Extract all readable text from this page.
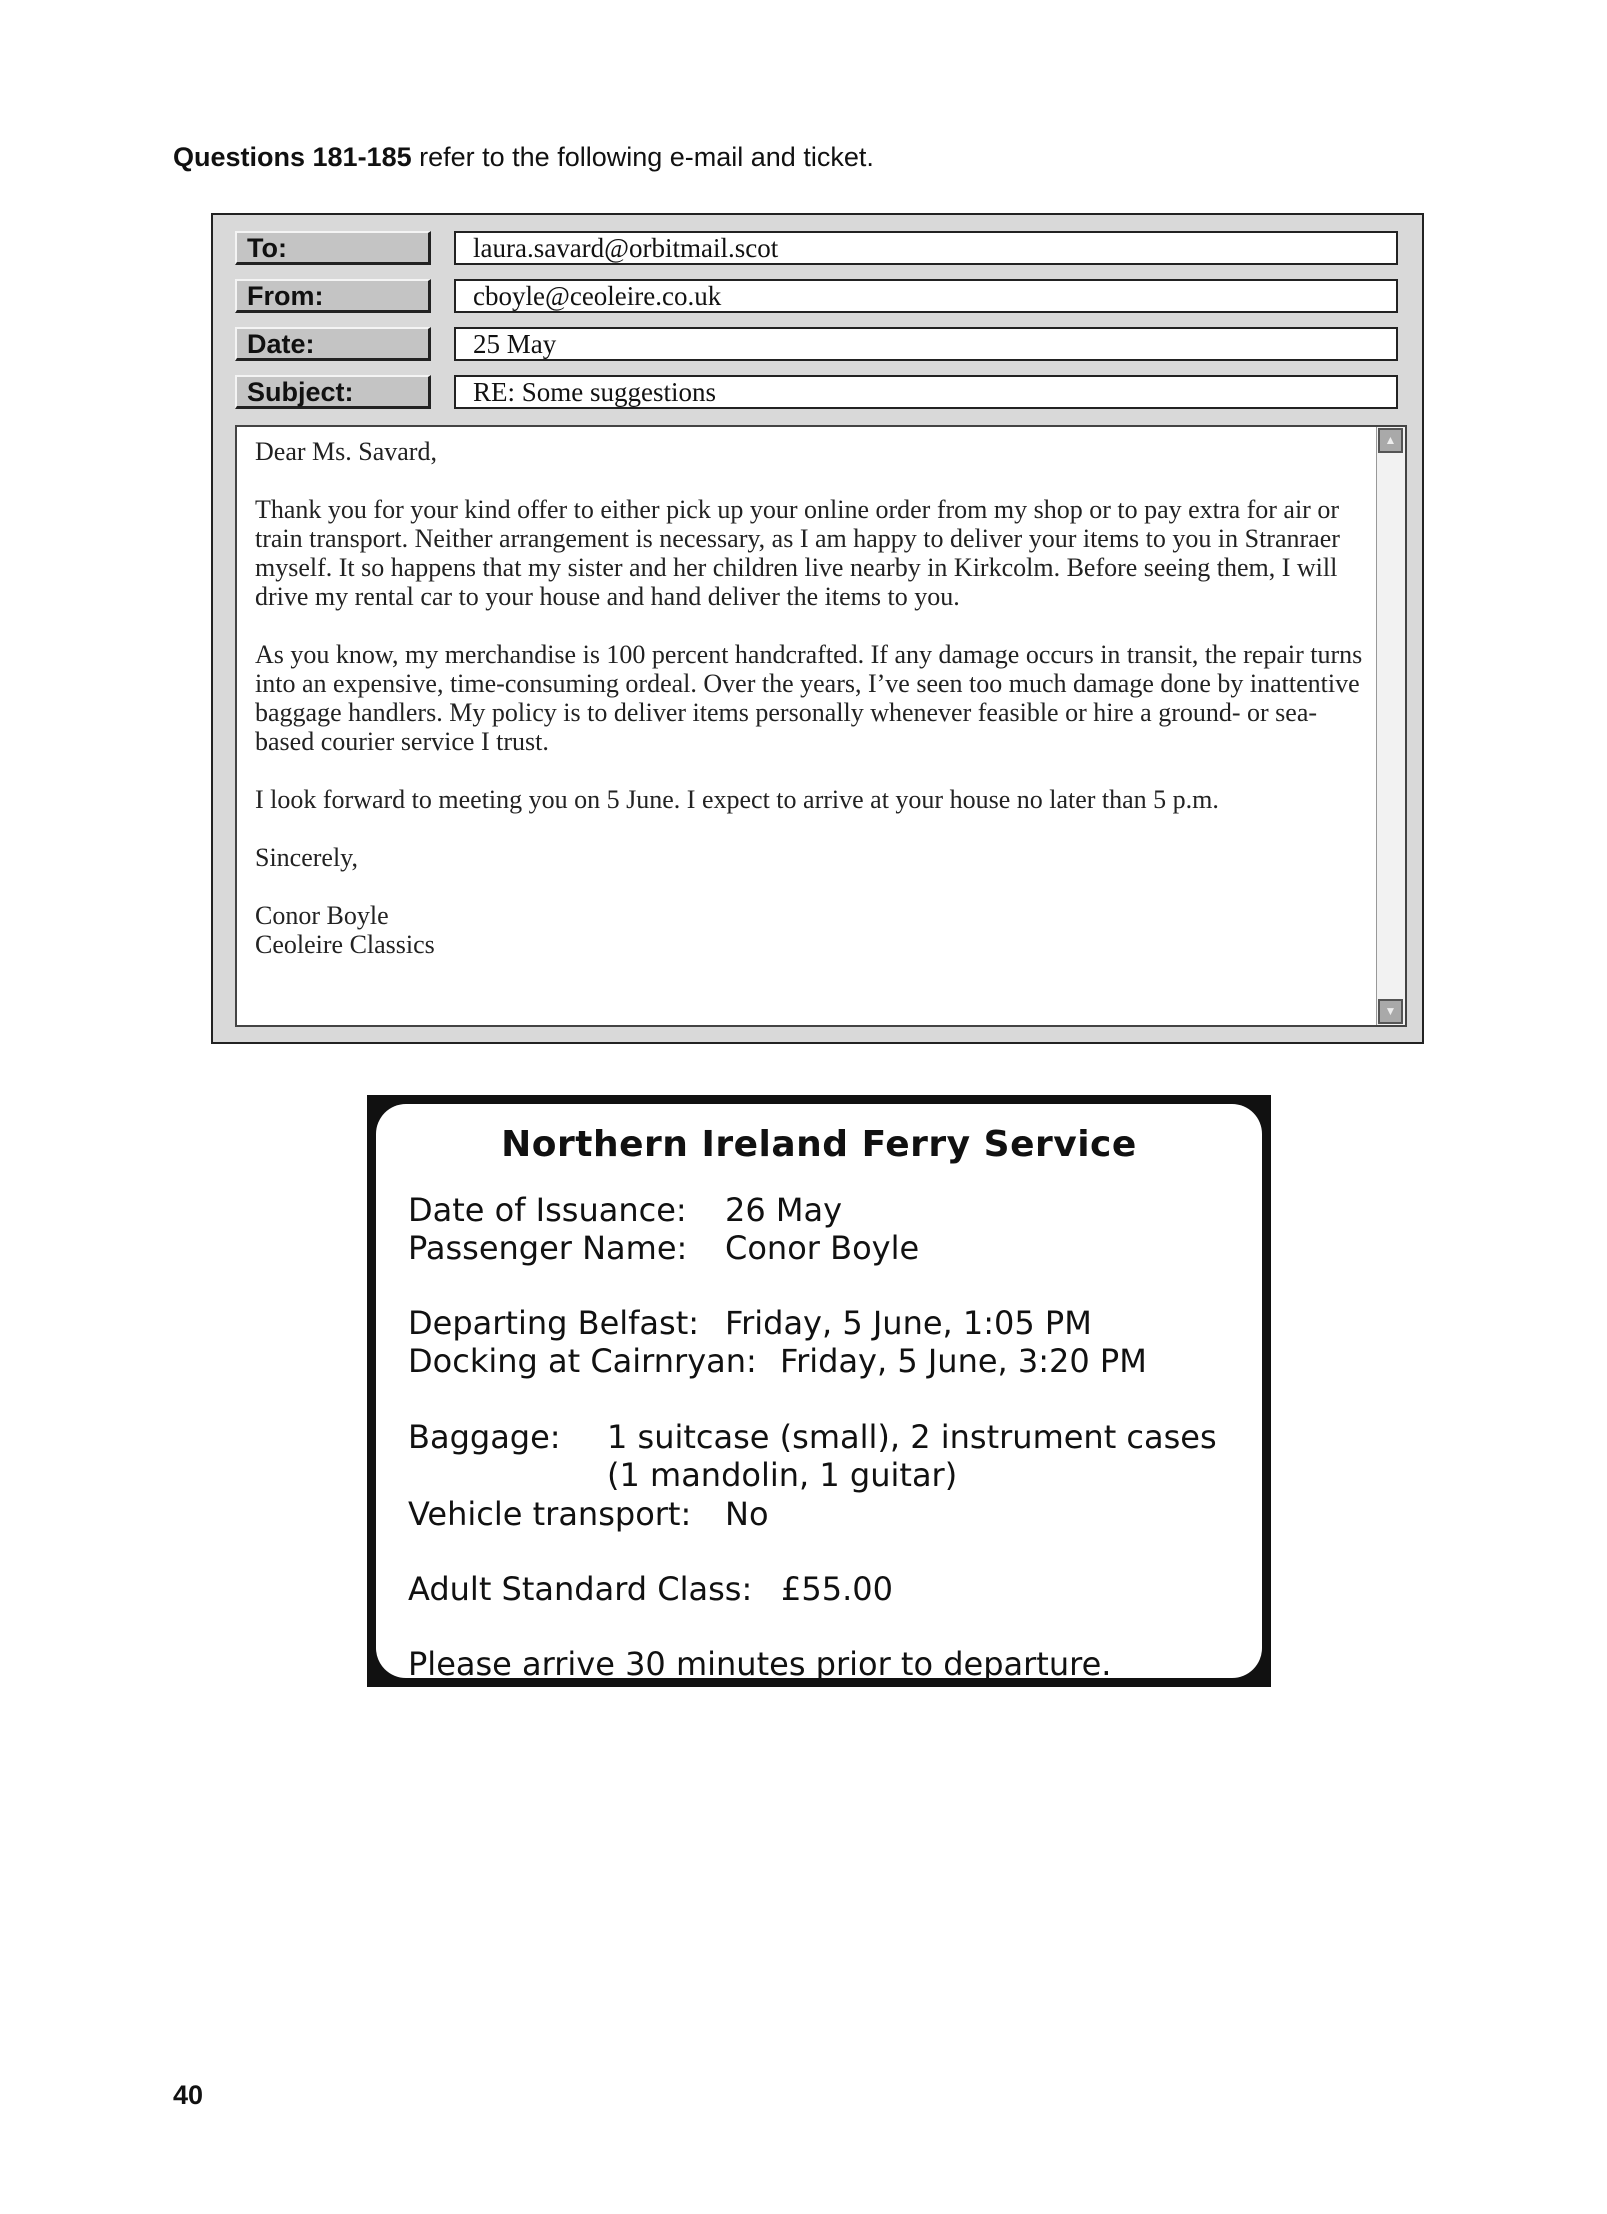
Questions 181-185 refer to the following e-mail and ticket.
To:	laura.savard@orbitmail.scot
From:	cboyle@ceoleire.co.uk
Date:	25 May
Subject:	RE: Some suggestions

Dear Ms. Savard,

Thank you for your kind offer to either pick up your online order from my shop or to pay extra for air or train transport. Neither arrangement is necessary, as I am happy to deliver your items to you in Stranraer myself. It so happens that my sister and her children live nearby in Kirkcolm. Before seeing them, I will drive my rental car to your house and hand deliver the items to you.

As you know, my merchandise is 100 percent handcrafted. If any damage occurs in transit, the repair turns into an expensive, time-consuming ordeal. Over the years, I’ve seen too much damage done by inattentive baggage handlers. My policy is to deliver items personally whenever feasible or hire a ground- or sea-based courier service I trust.

I look forward to meeting you on 5 June. I expect to arrive at your house no later than 5 p.m.

Sincerely,

Conor Boyle

Ceoleire Classics

▲
▼
Northern Ireland Ferry Service
Date of Issuance: 26 May
Passenger Name: Conor Boyle
Departing Belfast: Friday, 5 June, 1:05 PM
Docking at Cairnryan: Friday, 5 June, 3:20 PM
Baggage: 1 suitcase (small), 2 instrument cases
(1 mandolin, 1 guitar)
Vehicle transport: No
Adult Standard Class: £55.00
Please arrive 30 minutes prior to departure.
40
